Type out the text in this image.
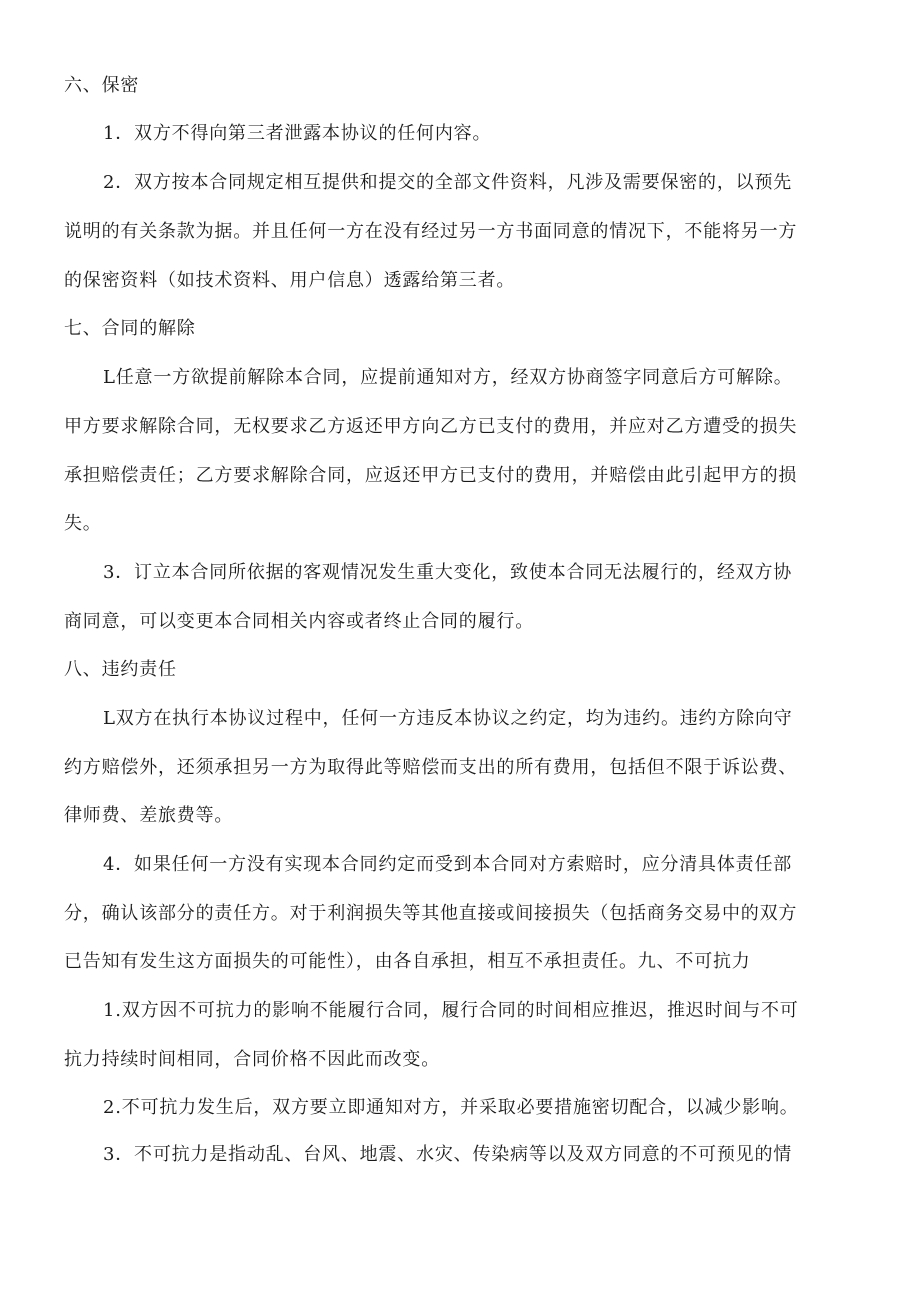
六、保密
1．双方不得向第三者泄露本协议的任何内容。
2．双方按本合同规定相互提供和提交的全部文件资料，凡涉及需要保密的，以预先
说明的有关条款为据。并且任何一方在没有经过另一方书面同意的情况下，不能将另一方
的保密资料（如技术资料、用户信息）透露给第三者。
七、合同的解除
L任意一方欲提前解除本合同，应提前通知对方，经双方协商签字同意后方可解除。
甲方要求解除合同，无权要求乙方返还甲方向乙方已支付的费用，并应对乙方遭受的损失
承担赔偿责任；乙方要求解除合同，应返还甲方已支付的费用，并赔偿由此引起甲方的损
失。
3．订立本合同所依据的客观情况发生重大变化，致使本合同无法履行的，经双方协
商同意，可以变更本合同相关内容或者终止合同的履行。
八、违约责任
L双方在执行本协议过程中，任何一方违反本协议之约定，均为违约。违约方除向守
约方赔偿外，还须承担另一方为取得此等赔偿而支出的所有费用，包括但不限于诉讼费、
律师费、差旅费等。
4．如果任何一方没有实现本合同约定而受到本合同对方索赔时，应分清具体责任部
分，确认该部分的责任方。对于利润损失等其他直接或间接损失（包括商务交易中的双方
已告知有发生这方面损失的可能性），由各自承担，相互不承担责任。九、不可抗力
1.双方因不可抗力的影响不能履行合同，履行合同的时间相应推迟，推迟时间与不可
抗力持续时间相同，合同价格不因此而改变。
2.不可抗力发生后，双方要立即通知对方，并采取必要措施密切配合，以减少影响。
3．不可抗力是指动乱、台风、地震、水灾、传染病等以及双方同意的不可预见的情
